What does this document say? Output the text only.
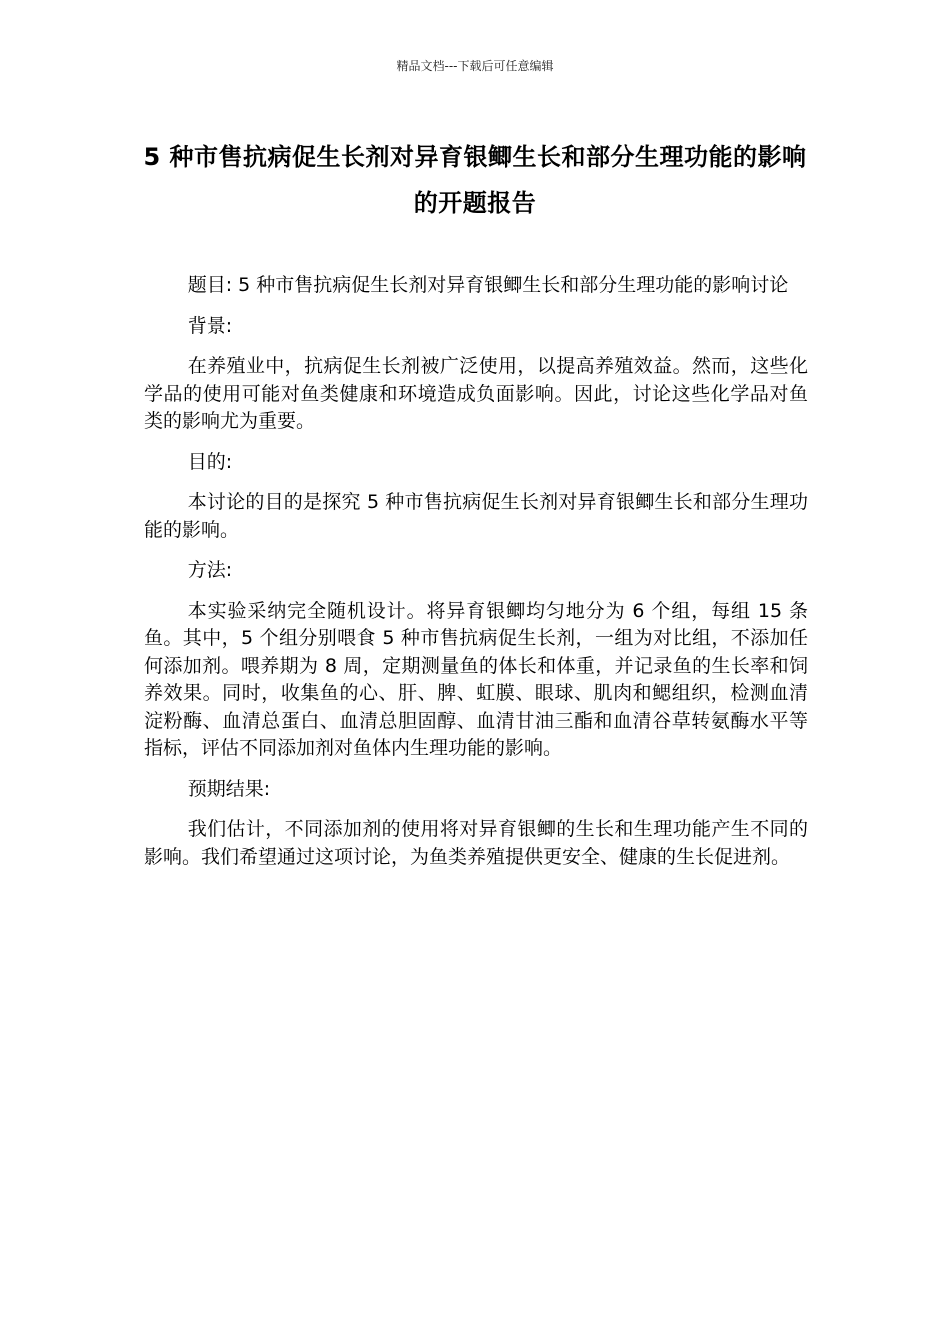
精品文档---下载后可任意编辑
5 种市售抗病促生长剂对异育银鲫生长和部分生理功能的影响的开题报告

题目: 5 种市售抗病促生长剂对异育银鲫生长和部分生理功能的影响讨论

背景:

在养殖业中，抗病促生长剂被广泛使用，以提高养殖效益。然而，这些化学品的使用可能对鱼类健康和环境造成负面影响。因此，讨论这些化学品对鱼类的影响尤为重要。

目的:

本讨论的目的是探究 5 种市售抗病促生长剂对异育银鲫生长和部分生理功能的影响。

方法:

本实验采纳完全随机设计。将异育银鲫均匀地分为 6 个组，每组 15 条鱼。其中，5 个组分别喂食 5 种市售抗病促生长剂，一组为对比组，不添加任何添加剂。喂养期为 8 周，定期测量鱼的体长和体重，并记录鱼的生长率和饲养效果。同时，收集鱼的心、肝、脾、虹膜、眼球、肌肉和鳃组织，检测血清淀粉酶、血清总蛋白、血清总胆固醇、血清甘油三酯和血清谷草转氨酶水平等指标，评估不同添加剂对鱼体内生理功能的影响。

预期结果:

我们估计，不同添加剂的使用将对异育银鲫的生长和生理功能产生不同的影响。我们希望通过这项讨论，为鱼类养殖提供更安全、健康的生长促进剂。
